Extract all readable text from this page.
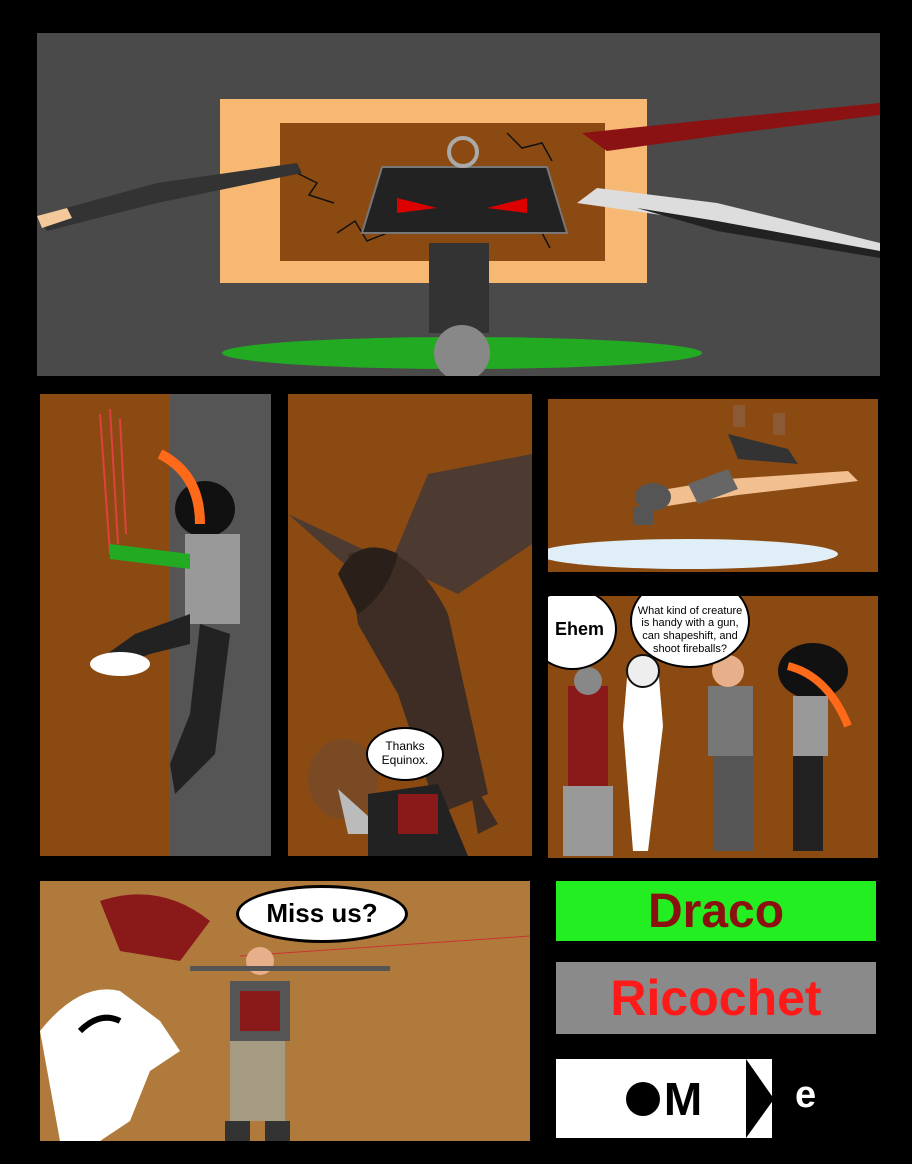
Thanks Equinox.
Ehem
What kind of creature is handy with a gun, can shapeshift, and shoot fireballs?
Miss us?	Draco
Ricochet
M e
